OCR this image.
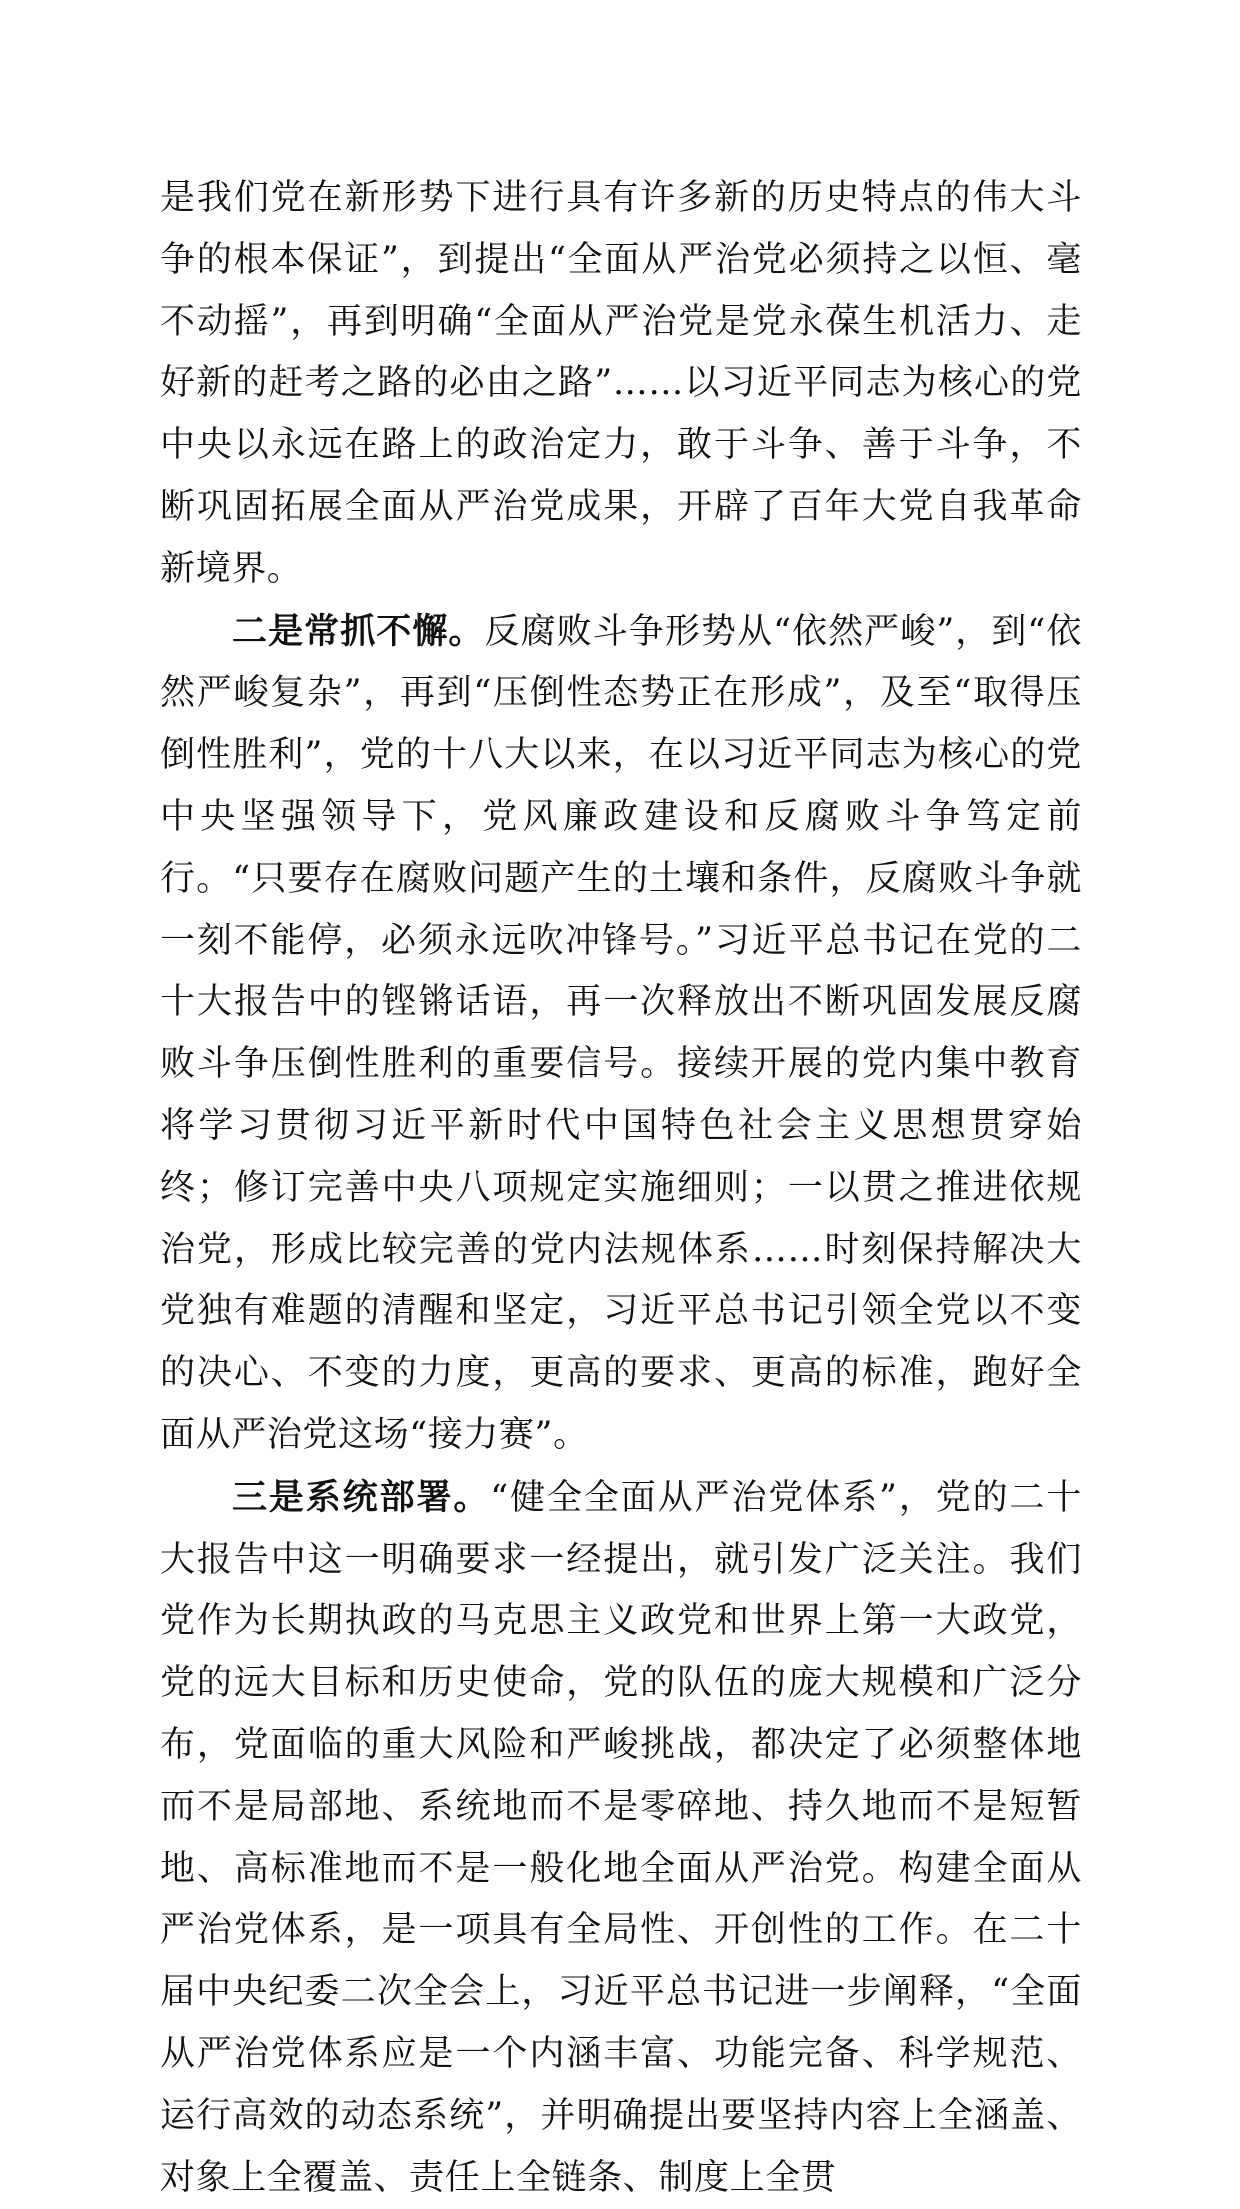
是我们党在新形势下进行具有许多新的历史特点的伟大斗争的根本保证”，到提出“全面从严治党必须持之以恒、毫不动摇”，再到明确“全面从严治党是党永葆生机活力、走好新的赶考之路的必由之路”……以习近平同志为核心的党中央以永远在路上的政治定力，敢于斗争、善于斗争，不断巩固拓展全面从严治党成果，开辟了百年大党自我革命新境界。

二是常抓不懈。反腐败斗争形势从“依然严峻”，到“依然严峻复杂”，再到“压倒性态势正在形成”，及至“取得压倒性胜利”，党的十八大以来，在以习近平同志为核心的党中央坚强领导下，党风廉政建设和反腐败斗争笃定前行。“只要存在腐败问题产生的土壤和条件，反腐败斗争就一刻不能停，必须永远吹冲锋号。”习近平总书记在党的二十大报告中的铿锵话语，再一次释放出不断巩固发展反腐败斗争压倒性胜利的重要信号。接续开展的党内集中教育将学习贯彻习近平新时代中国特色社会主义思想贯穿始终；修订完善中央八项规定实施细则；一以贯之推进依规治党，形成比较完善的党内法规体系……时刻保持解决大党独有难题的清醒和坚定，习近平总书记引领全党以不变的决心、不变的力度，更高的要求、更高的标准，跑好全面从严治党这场“接力赛”。

三是系统部署。“健全全面从严治党体系”，党的二十大报告中这一明确要求一经提出，就引发广泛关注。我们党作为长期执政的马克思主义政党和世界上第一大政党，党的远大目标和历史使命，党的队伍的庞大规模和广泛分布，党面临的重大风险和严峻挑战，都决定了必须整体地而不是局部地、系统地而不是零碎地、持久地而不是短暂地、高标准地而不是一般化地全面从严治党。构建全面从严治党体系，是一项具有全局性、开创性的工作。在二十届中央纪委二次全会上，习近平总书记进一步阐释，“全面从严治党体系应是一个内涵丰富、功能完备、科学规范、运行高效的动态系统”，并明确提出要坚持内容上全涵盖、对象上全覆盖、责任上全链条、制度上全贯
